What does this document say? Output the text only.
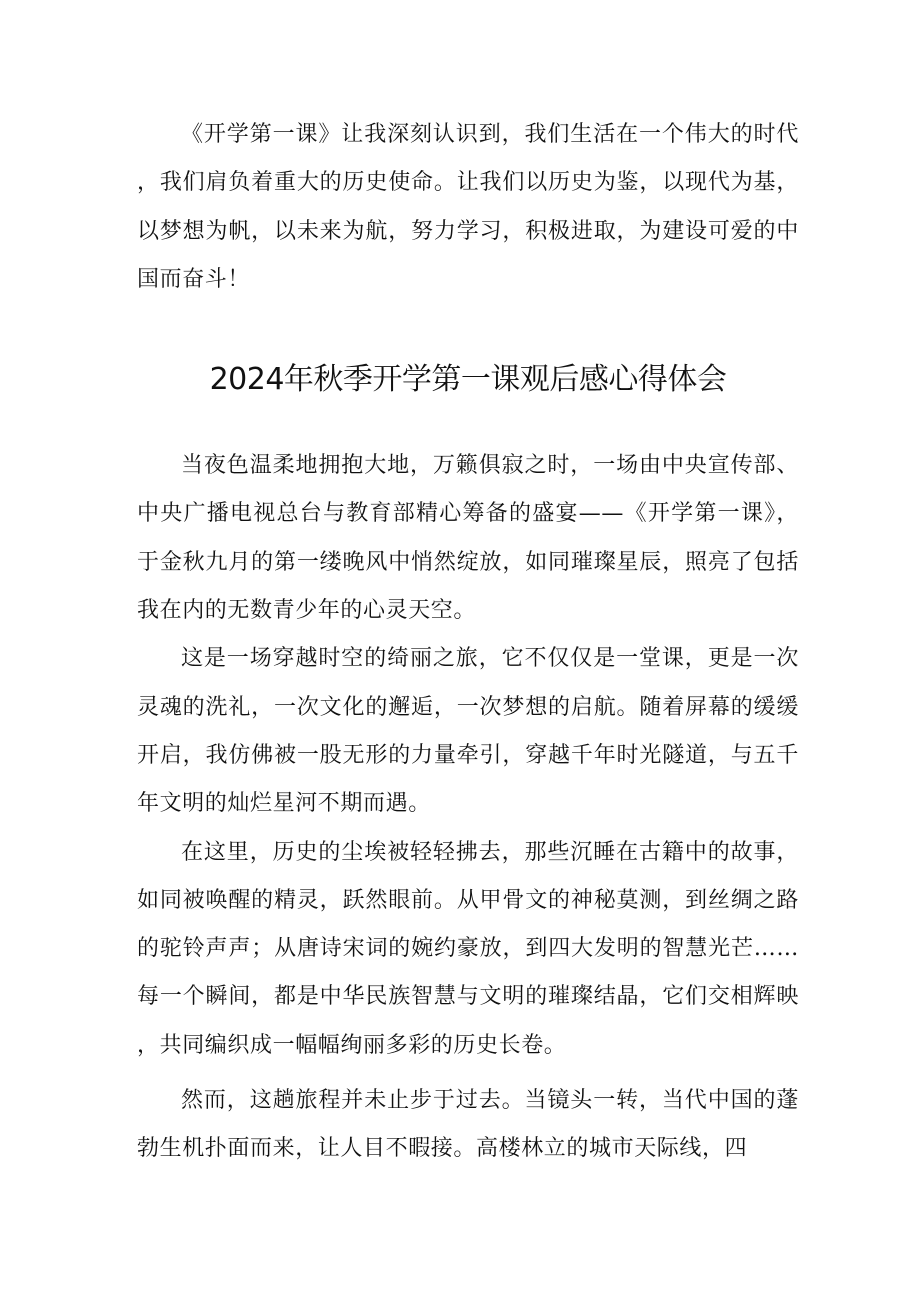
《开学第一课》让我深刻认识到，我们生活在一个伟大的时代，我们肩负着重大的历史使命。让我们以历史为鉴，以现代为基，以梦想为帆，以未来为航，努力学习，积极进取，为建设可爱的中国而奋斗！

2024年秋季开学第一课观后感心得体会

当夜色温柔地拥抱大地，万籁俱寂之时，一场由中央宣传部、中央广播电视总台与教育部精心筹备的盛宴——《开学第一课》，于金秋九月的第一缕晚风中悄然绽放，如同璀璨星辰，照亮了包括我在内的无数青少年的心灵天空。

这是一场穿越时空的绮丽之旅，它不仅仅是一堂课，更是一次灵魂的洗礼，一次文化的邂逅，一次梦想的启航。随着屏幕的缓缓开启，我仿佛被一股无形的力量牵引，穿越千年时光隧道，与五千年文明的灿烂星河不期而遇。

在这里，历史的尘埃被轻轻拂去，那些沉睡在古籍中的故事，如同被唤醒的精灵，跃然眼前。从甲骨文的神秘莫测，到丝绸之路的驼铃声声；从唐诗宋词的婉约豪放，到四大发明的智慧光芒……每一个瞬间，都是中华民族智慧与文明的璀璨结晶，它们交相辉映，共同编织成一幅幅绚丽多彩的历史长卷。

然而，这趟旅程并未止步于过去。当镜头一转，当代中国的蓬勃生机扑面而来，让人目不暇接。高楼林立的城市天际线，四
